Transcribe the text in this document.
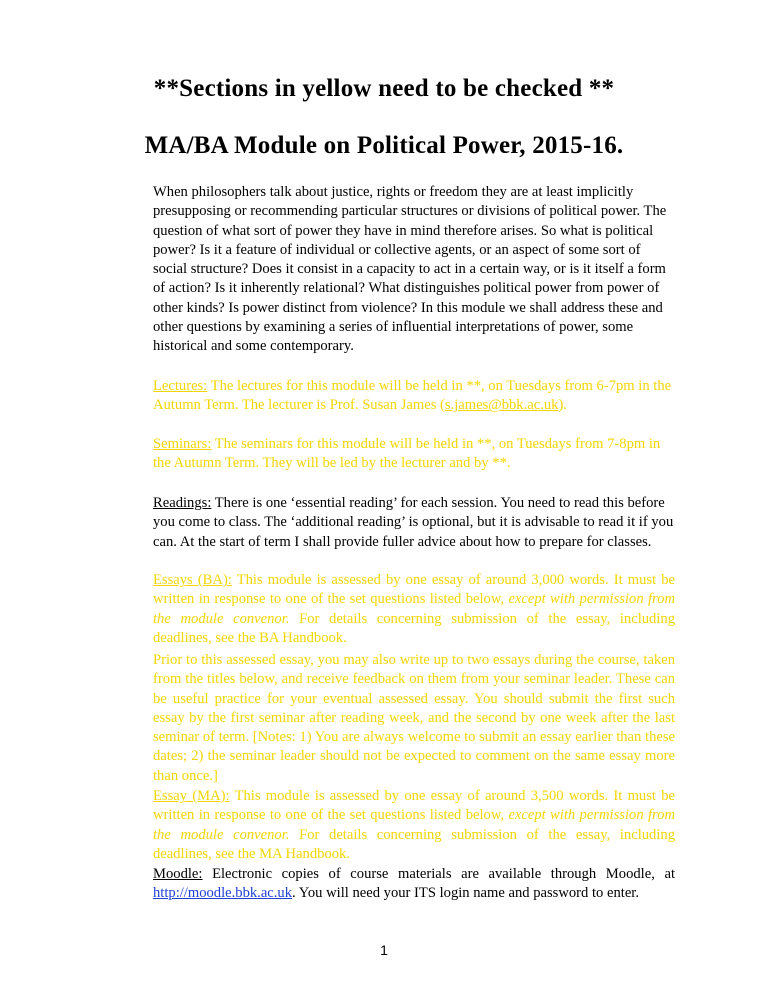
**Sections in yellow need to be checked **
MA/BA Module on Political Power, 2015-16.
When philosophers talk about justice, rights or freedom they are at least implicitly presupposing or recommending particular structures or divisions of political power. The question of what sort of power they have in mind therefore arises. So what is political power? Is it a feature of individual or collective agents, or an aspect of some sort of social structure? Does it consist in a capacity to act in a certain way, or is it itself a form of action? Is it inherently relational? What distinguishes political power from power of other kinds? Is power distinct from violence? In this module we shall address these and other questions by examining a series of influential interpretations of power, some historical and some contemporary.
Lectures: The lectures for this module will be held in **, on Tuesdays from 6-7pm in the Autumn Term. The lecturer is Prof. Susan James (s.james@bbk.ac.uk).
Seminars: The seminars for this module will be held in **, on Tuesdays from 7-8pm in the Autumn Term. They will be led by the lecturer and by **.
Readings: There is one ‘essential reading’ for each session. You need to read this before you come to class. The ‘additional reading’ is optional, but it is advisable to read it if you can. At the start of term I shall provide fuller advice about how to prepare for classes.
Essays (BA): This module is assessed by one essay of around 3,000 words. It must be written in response to one of the set questions listed below, except with permission from the module convenor. For details concerning submission of the essay, including deadlines, see the BA Handbook.
Prior to this assessed essay, you may also write up to two essays during the course, taken from the titles below, and receive feedback on them from your seminar leader. These can be useful practice for your eventual assessed essay. You should submit the first such essay by the first seminar after reading week, and the second by one week after the last seminar of term. [Notes: 1) You are always welcome to submit an essay earlier than these dates; 2) the seminar leader should not be expected to comment on the same essay more than once.]
Essay (MA): This module is assessed by one essay of around 3,500 words. It must be written in response to one of the set questions listed below, except with permission from the module convenor. For details concerning submission of the essay, including deadlines, see the MA Handbook.
Moodle: Electronic copies of course materials are available through Moodle, at http://moodle.bbk.ac.uk. You will need your ITS login name and password to enter.
1
